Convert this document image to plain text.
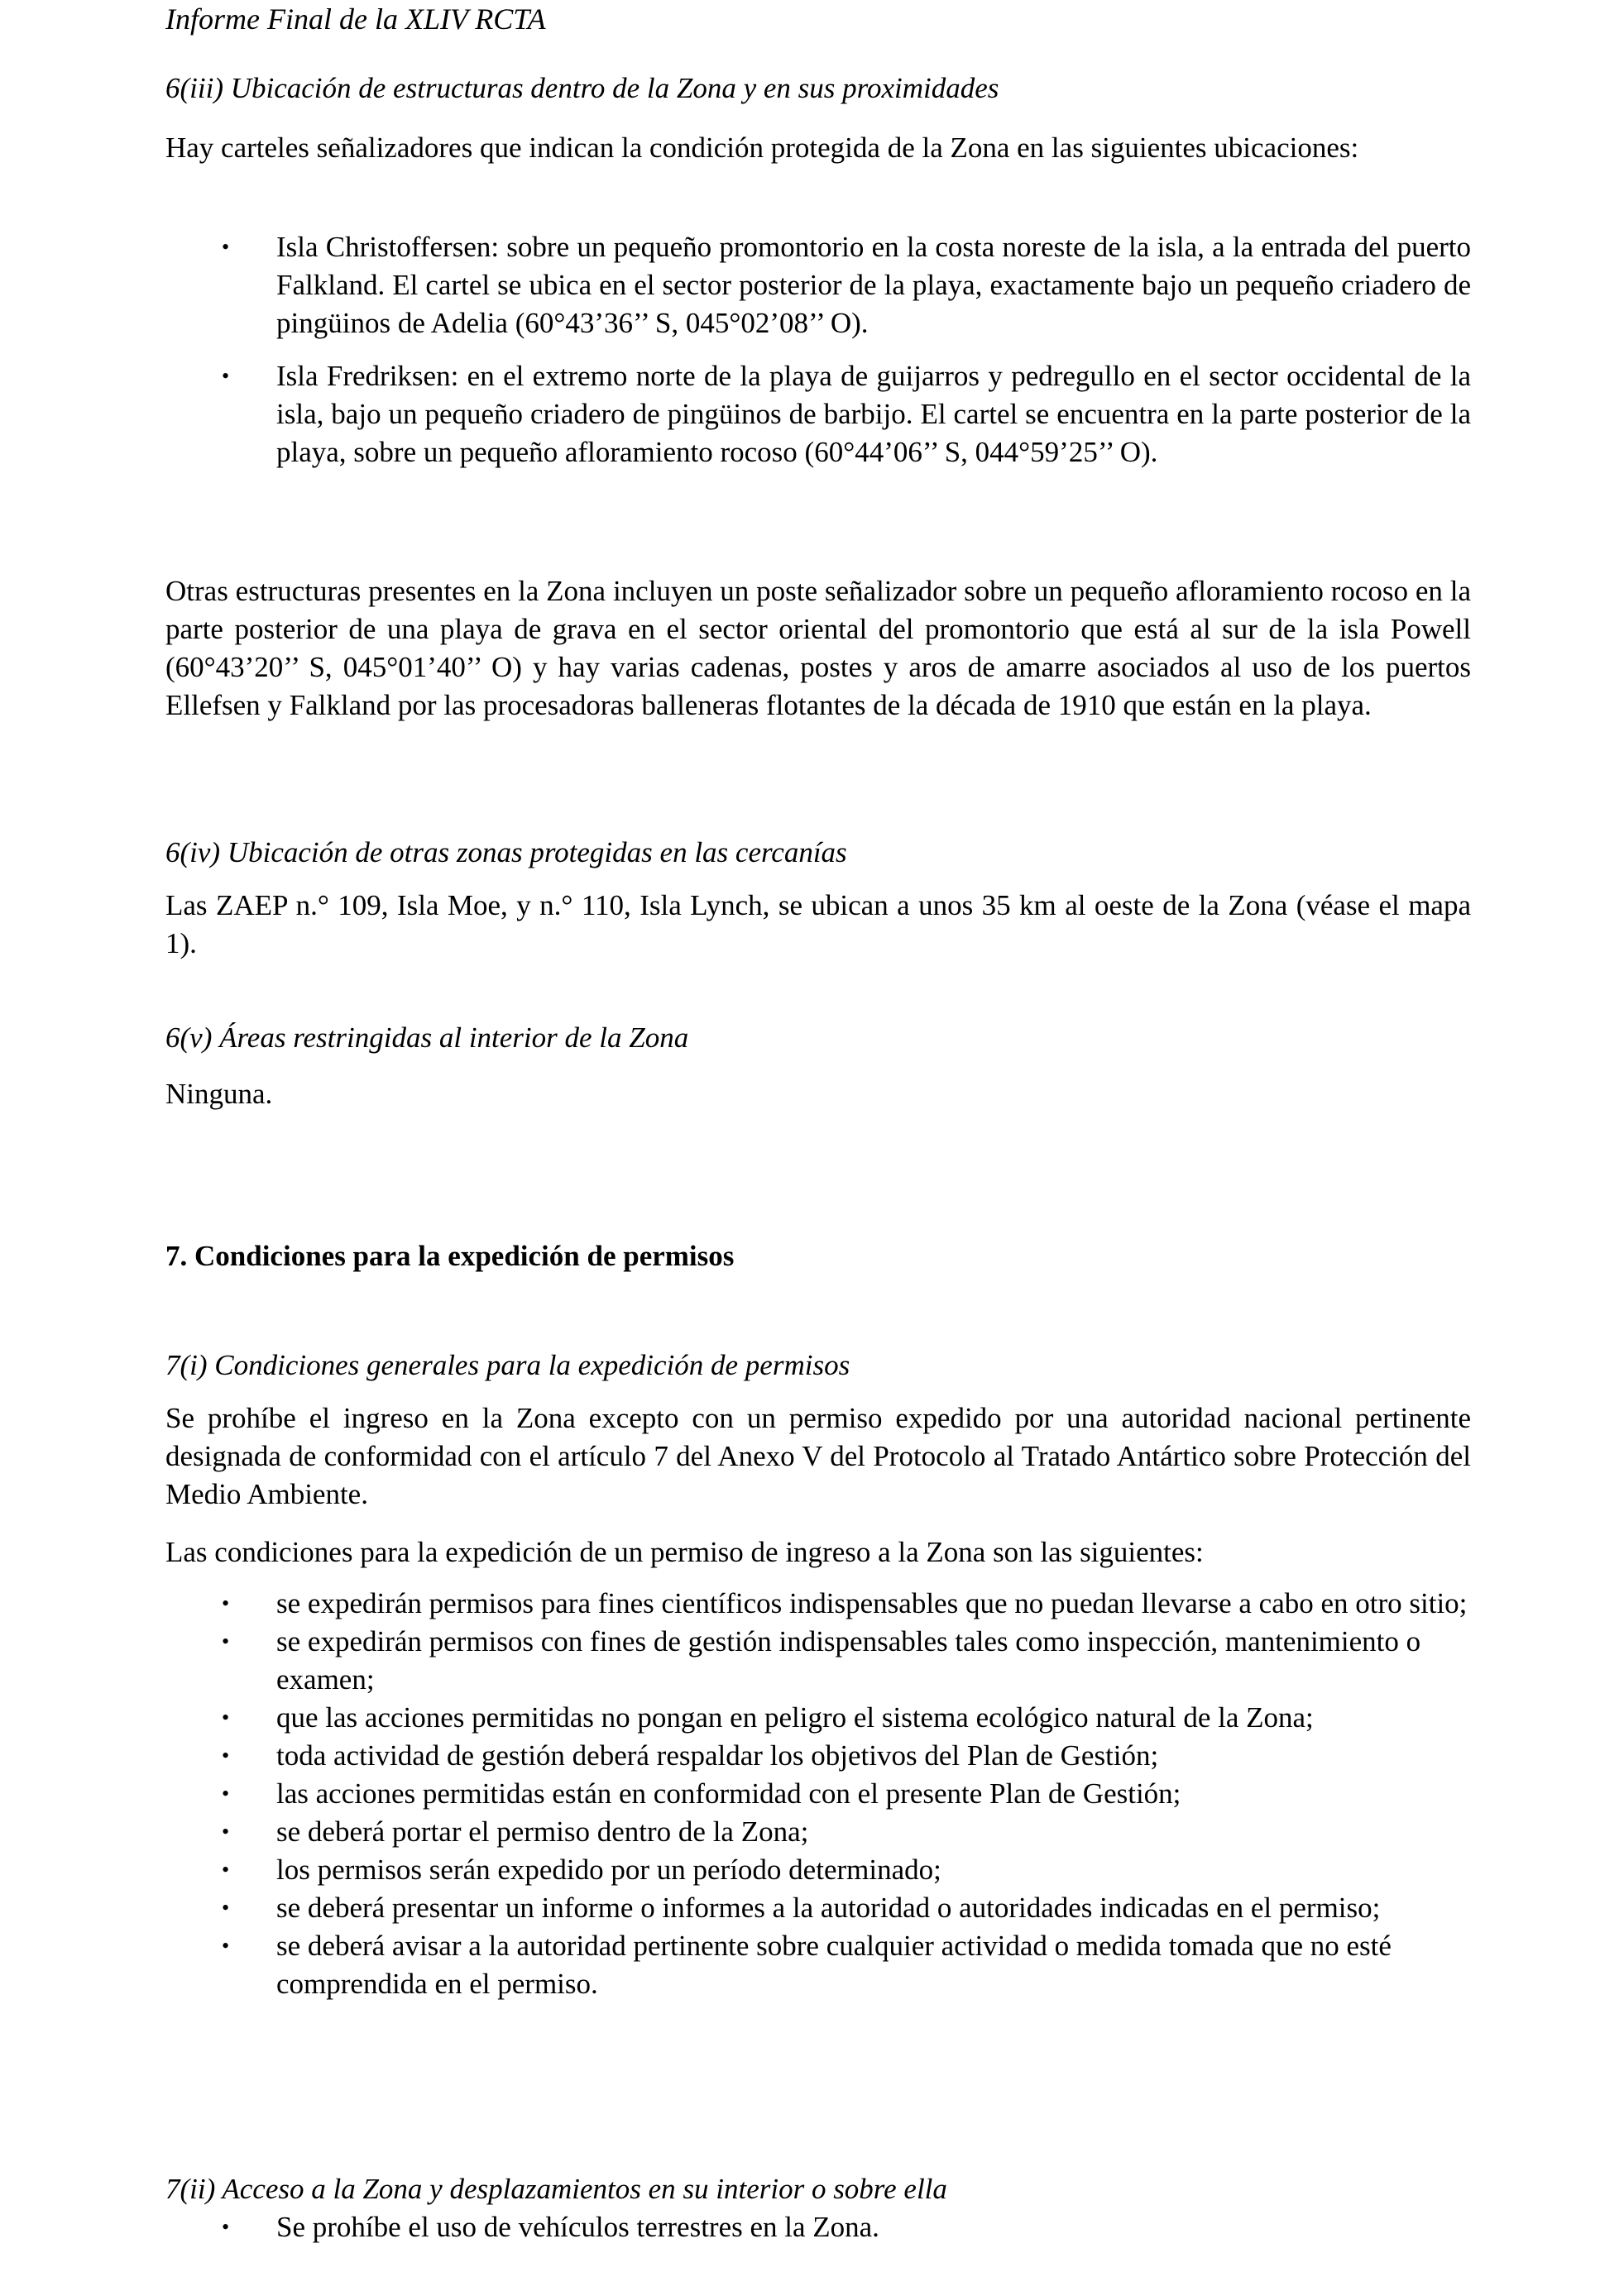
Informe Final de la XLIV RCTA

6(iii) Ubicación de estructuras dentro de la Zona y en sus proximidades

Hay carteles señalizadores que indican la condición protegida de la Zona en las siguientes ubicaciones:

• Isla Christoffersen: sobre un pequeño promontorio en la costa noreste de la isla, a la entrada del puerto Falkland. El cartel se ubica en el sector posterior de la playa, exactamente bajo un pequeño criadero de pingüinos de Adelia (60°43’36’’ S, 045°02’08’’ O).
• Isla Fredriksen: en el extremo norte de la playa de guijarros y pedregullo en el sector occidental de la isla, bajo un pequeño criadero de pingüinos de barbijo. El cartel se encuentra en la parte posterior de la playa, sobre un pequeño afloramiento rocoso (60°44’06’’ S, 044°59’25’’ O).

Otras estructuras presentes en la Zona incluyen un poste señalizador sobre un pequeño afloramiento rocoso en la parte posterior de una playa de grava en el sector oriental del promontorio que está al sur de la isla Powell (60°43’20’’ S, 045°01’40’’ O) y hay varias cadenas, postes y aros de amarre asociados al uso de los puertos Ellefsen y Falkland por las procesadoras balleneras flotantes de la década de 1910 que están en la playa.

6(iv) Ubicación de otras zonas protegidas en las cercanías

Las ZAEP n.° 109, Isla Moe, y n.° 110, Isla Lynch, se ubican a unos 35 km al oeste de la Zona (véase el mapa 1).

6(v) Áreas restringidas al interior de la Zona

Ninguna.

7. Condiciones para la expedición de permisos

7(i) Condiciones generales para la expedición de permisos

Se prohíbe el ingreso en la Zona excepto con un permiso expedido por una autoridad nacional pertinente designada de conformidad con el artículo 7 del Anexo V del Protocolo al Tratado Antártico sobre Protección del Medio Ambiente.

Las condiciones para la expedición de un permiso de ingreso a la Zona son las siguientes:

• se expedirán permisos para fines científicos indispensables que no puedan llevarse a cabo en otro sitio;
• se expedirán permisos con fines de gestión indispensables tales como inspección, mantenimiento o examen;
• que las acciones permitidas no pongan en peligro el sistema ecológico natural de la Zona;
• toda actividad de gestión deberá respaldar los objetivos del Plan de Gestión;
• las acciones permitidas están en conformidad con el presente Plan de Gestión;
• se deberá portar el permiso dentro de la Zona;
• los permisos serán expedido por un período determinado;
• se deberá presentar un informe o informes a la autoridad o autoridades indicadas en el permiso;
• se deberá avisar a la autoridad pertinente sobre cualquier actividad o medida tomada que no esté comprendida en el permiso.

7(ii) Acceso a la Zona y desplazamientos en su interior o sobre ella

• Se prohíbe el uso de vehículos terrestres en la Zona.
